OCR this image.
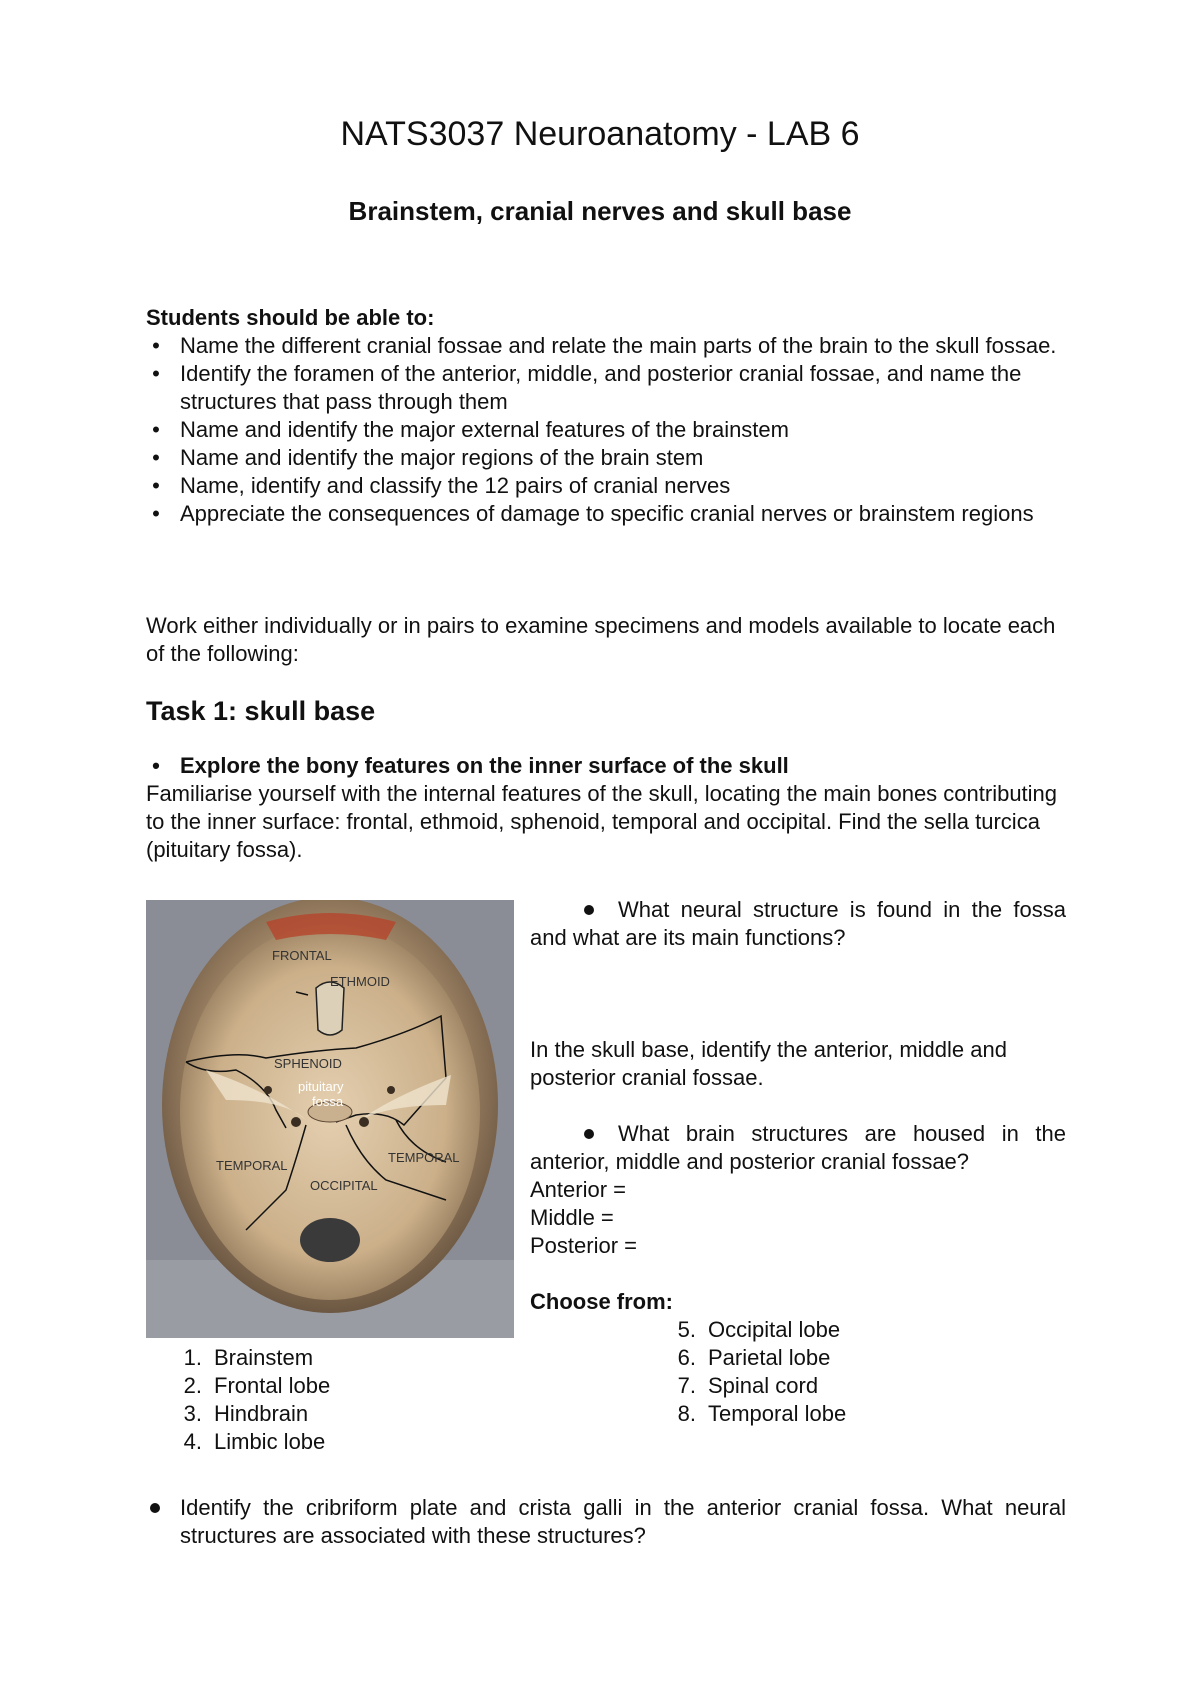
NATS3037 Neuroanatomy - LAB 6
Brainstem, cranial nerves and skull base
Students should be able to:
• Name the different cranial fossae and relate the main parts of the brain to the skull fossae.
• Identify the foramen of the anterior, middle, and posterior cranial fossae, and name the structures that pass through them
• Name and identify the major external features of the brainstem
• Name and identify the major regions of the brain stem
• Name, identify and classify the 12 pairs of cranial nerves
• Appreciate the consequences of damage to specific cranial nerves or brainstem regions
Work either individually or in pairs to examine specimens and models available to locate each of the following:
Task 1: skull base
• Explore the bony features on the inner surface of the skull
Familiarise yourself with the internal features of the skull, locating the main bones contributing to the inner surface: frontal, ethmoid, sphenoid, temporal and occipital. Find the sella turcica (pituitary fossa).
FRONTAL
ETHMOID
SPHENOID
pituitary
fossa
TEMPORAL
TEMPORAL
OCCIPITAL
What neural structure is found in the fossa and what are its main functions?
In the skull base, identify the anterior, middle and posterior cranial fossae.
What brain structures are housed in the anterior, middle and posterior cranial fossae?
Anterior =
Middle =
Posterior =
Choose from:
5. Occipital lobe
6. Parietal lobe
7. Spinal cord
8. Temporal lobe
1. Brainstem
2. Frontal lobe
3. Hindbrain
4. Limbic lobe
Identify the cribriform plate and crista galli in the anterior cranial fossa. What neural structures are associated with these structures?
